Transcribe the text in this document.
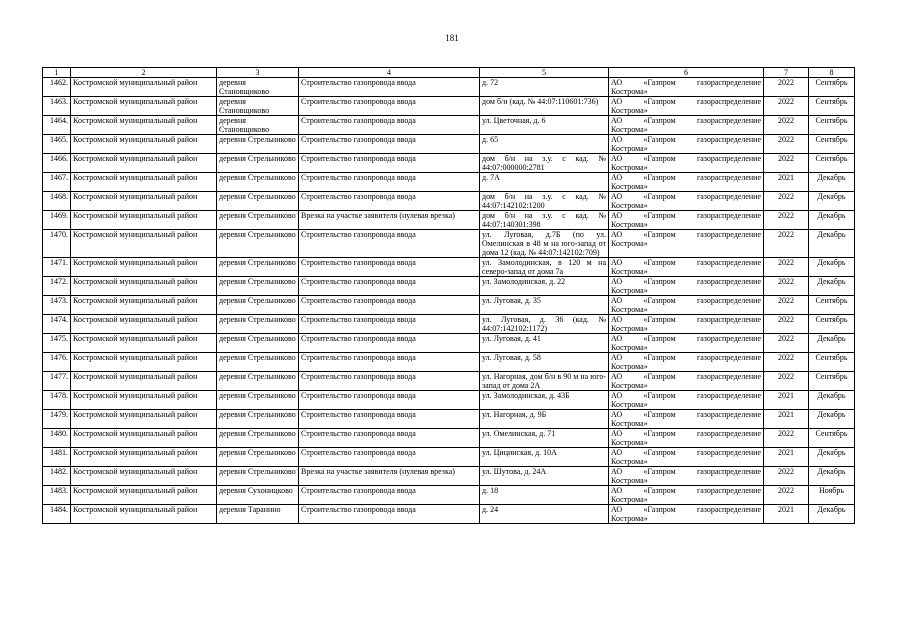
181
1	2	3	4	5	6	7	8
1462.	Костромской муниципальный район	деревня Становщиково	Строительство газопровода ввода	д. 72	АО «Газпром газораспределение Кострома»	2022	Сентябрь
1463.	Костромской муниципальный район	деревня Становщиково	Строительство газопровода ввода	дом б/н (кад. № 44:07:110601:736)	АО «Газпром газораспределение Кострома»	2022	Сентябрь
1464.	Костромской муниципальный район	деревня Становщиково	Строительство газопровода ввода	ул. Цветочная, д. 6	АО «Газпром газораспределение Кострома»	2022	Сентябрь
1465.	Костромской муниципальный район	деревня Стрельниково	Строительство газопровода ввода	д. 65	АО «Газпром газораспределение Кострома»	2022	Сентябрь
1466.	Костромской муниципальный район	деревня Стрельниково	Строительство газопровода ввода	дом б/н на з.у. с кад. № 44:07:000000:2781	АО «Газпром газораспределение Кострома»	2022	Сентябрь
1467.	Костромской муниципальный район	деревня Стрельниково	Строительство газопровода ввода	д. 7А	АО «Газпром газораспределение Кострома»	2021	Декабрь
1468.	Костромской муниципальный район	деревня Стрельниково	Строительство газопровода ввода	дом б/н на з.у. с кад. № 44:07:142102:1200	АО «Газпром газораспределение Кострома»	2022	Декабрь
1469.	Костромской муниципальный район	деревня Стрельниково	Врезка на участке заявителя (нулевая врезка)	дом б/н на з.у. с кад. № 44:07:140301:398	АО «Газпром газораспределение Кострома»	2022	Декабрь
1470.	Костромской муниципальный район	деревня Стрельниково	Строительство газопровода ввода	ул. Луговая, д.7Б (по ул. Омелинская в 48 м на юго-запад от дома 12 (кад. № 44:07:142102:709)	АО «Газпром газораспределение Кострома»	2022	Декабрь
1471.	Костромской муниципальный район	деревня Стрельниково	Строительство газопровода ввода	ул. Замолодинская, в 120 м на северо-запад от дома 7а	АО «Газпром газораспределение Кострома»	2022	Декабрь
1472.	Костромской муниципальный район	деревня Стрельниково	Строительство газопровода ввода	ул. Замолодинская, д. 22	АО «Газпром газораспределение Кострома»	2022	Декабрь
1473.	Костромской муниципальный район	деревня Стрельниково	Строительство газопровода ввода	ул. Луговая, д. 35	АО «Газпром газораспределение Кострома»	2022	Сентябрь
1474.	Костромской муниципальный район	деревня Стрельниково	Строительство газопровода ввода	ул. Луговая, д. 36 (кад. № 44:07:142102:1172)	АО «Газпром газораспределение Кострома»	2022	Сентябрь
1475.	Костромской муниципальный район	деревня Стрельниково	Строительство газопровода ввода	ул. Луговая, д. 41	АО «Газпром газораспределение Кострома»	2022	Декабрь
1476.	Костромской муниципальный район	деревня Стрельниково	Строительство газопровода ввода	ул. Луговая, д. 58	АО «Газпром газораспределение Кострома»	2022	Сентябрь
1477.	Костромской муниципальный район	деревня Стрельниково	Строительство газопровода ввода	ул. Нагорная, дом б/н в 90 м на юго-запад от дома 2А	АО «Газпром газораспределение Кострома»	2022	Сентябрь
1478.	Костромской муниципальный район	деревня Стрельниково	Строительство газопровода ввода	ул. Замолодинская, д. 43Б	АО «Газпром газораспределение Кострома»	2021	Декабрь
1479.	Костромской муниципальный район	деревня Стрельниково	Строительство газопровода ввода	ул. Нагорная, д. 9Б	АО «Газпром газораспределение Кострома»	2021	Декабрь
1480.	Костромской муниципальный район	деревня Стрельниково	Строительство газопровода ввода	ул. Омелинская, д. 71	АО «Газпром газораспределение Кострома»	2022	Сентябрь
1481.	Костромской муниципальный район	деревня Стрельниково	Строительство газопровода ввода	ул. Цицинская, д. 10А	АО «Газпром газораспределение Кострома»	2021	Декабрь
1482.	Костромской муниципальный район	деревня Стрельниково	Врезка на участке заявителя (нулевая врезка)	ул. Шутова, д. 24А	АО «Газпром газораспределение Кострома»	2022	Декабрь
1483.	Костромской муниципальный район	деревня Сухоницково	Строительство газопровода ввода	д. 18	АО «Газпром газораспределение Кострома»	2022	Ноябрь
1484.	Костромской муниципальный район	деревня Таранино	Строительство газопровода ввода	д. 24	АО «Газпром газораспределение Кострома»	2021	Декабрь
